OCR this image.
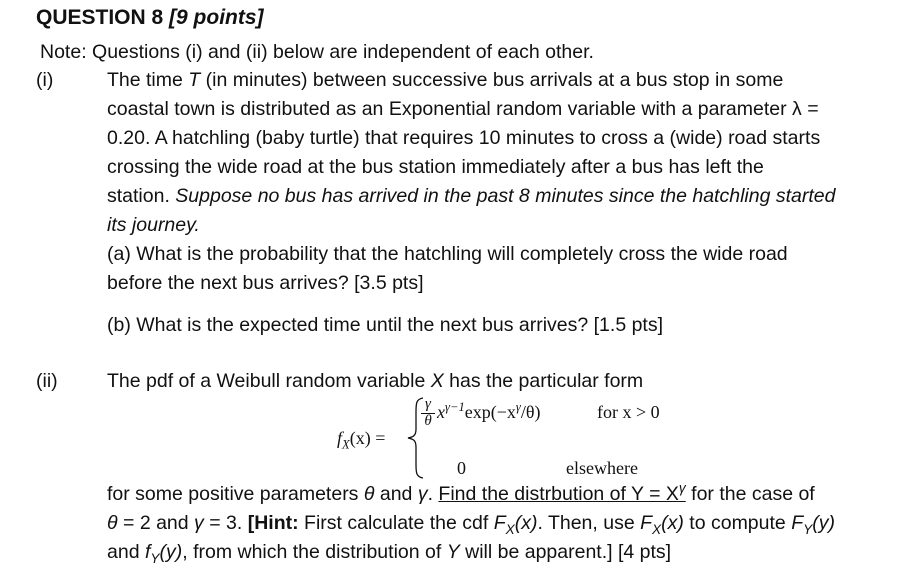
QUESTION 8 [9 points]
Note: Questions (i) and (ii) below are independent of each other.
(i)	The time T (in minutes) between successive bus arrivals at a bus stop in some
coastal town is distributed as an Exponential random variable with a parameter λ =
0.20. A hatchling (baby turtle) that requires 10 minutes to cross a (wide) road starts
crossing the wide road at the bus station immediately after a bus has left the
station. Suppose no bus has arrived in the past 8 minutes since the hatchling started
its journey.
(a) What is the probability that the hatchling will completely cross the wide road
before the next bus arrives? [3.5 pts]
(b) What is the expected time until the next bus arrives? [1.5 pts]
(ii)	The pdf of a Weibull random variable X has the particular form
$f_X(x)$ =
$\frac{\gamma}{\theta} x^{\gamma-1}\exp(-x^\gamma/\theta)$	for x > 0
0	elsewhere
for some positive parameters θ and γ. Find the distrbution of $Y = X^\gamma$ for the case of
θ = 2 and γ = 3. [Hint: First calculate the cdf $F_X(x)$. Then, use $F_X(x)$ to compute $F_Y(y)$
and $f_Y(y)$, from which the distribution of Y will be apparent.] [4 pts]
